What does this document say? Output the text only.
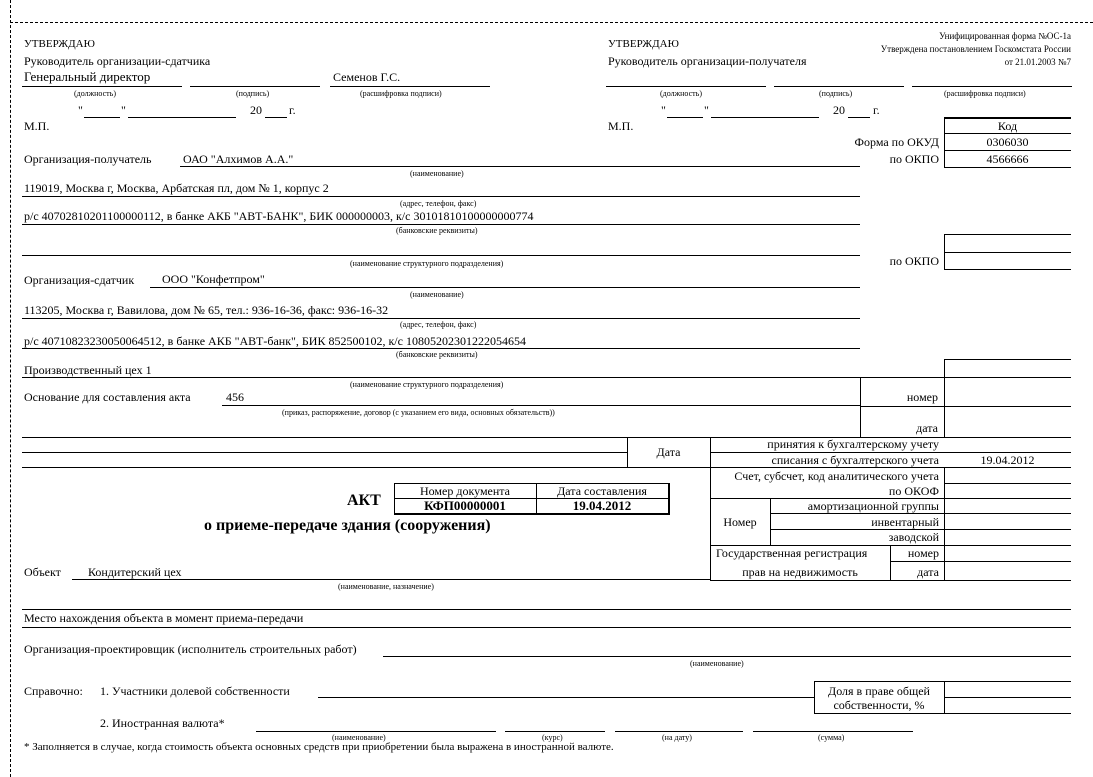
Унифицированная форма №ОС-1а
Утверждена постановлением Госкомстата России
от 21.01.2003 №7
УТВЕРЖДАЮ
Руководитель организации-сдатчика
Генеральный директор	Семенов Г.С.
(должность)	(подпись)	(расшифровка подписи)
"	"	20 г.
М.П.
УТВЕРЖДАЮ
Руководитель организации-получателя
(должность)	(подпись)	(расшифровка подписи)
"	"	20 г.
М.П.	Код
Форма по ОКУД	0306030
по ОКПО	4566666
Организация-получатель	ОАО "Алхимов А.А."
(наименование)
119019, Москва г, Москва, Арбатская пл, дом № 1, корпус 2
(адрес, телефон, факс)
р/с 40702810201100000112, в банке АКБ "АВТ-БАНК", БИК 000000003, к/с 30101810100000000774
(банковские реквизиты)
(наименование структурного подразделения)	по ОКПО
Организация-сдатчик ООО "Конфетпром"
(наименование)
113205, Москва г, Вавилова, дом № 65, тел.: 936-16-36, факс: 936-16-32
(адрес, телефон, факс)
р/с 40710823230050064512, в банке АКБ "АВТ-банк", БИК 852500102, к/с 10805202301222054654
(банковские реквизиты)
Производственный цех 1
(наименование структурного подразделения)
Основание для составления акта	456
(приказ, распоряжение, договор (с указанием его вида, основных обязательств))
номер
дата
Дата
принятия к бухгалтерскому учету
списания с бухгалтерского учета	19.04.2012
Счет, субсчет, код аналитического учета
по ОКОФ
Номер
амортизационной группы
инвентарный
заводской
Государственная регистрация
прав на недвижимость
номер
дата
Номер документа	Дата составления
КФП00000001	19.04.2012
АКТ
о приеме-передаче здания (сооружения)
Объект Кондитерский цех
(наименование, назначение)
Место нахождения объекта в момент приема-передачи
Организация-проектировщик (исполнитель строительных работ)
(наименование)
Справочно: 1. Участники долевой собственности	Доля в праве общей
собственности, %
2. Иностранная валюта*
(наименование)	(курс)	(на дату)	(сумма)
* Заполняется в случае, когда стоимость объекта основных средств при приобретении была выражена в иностранной валюте.
